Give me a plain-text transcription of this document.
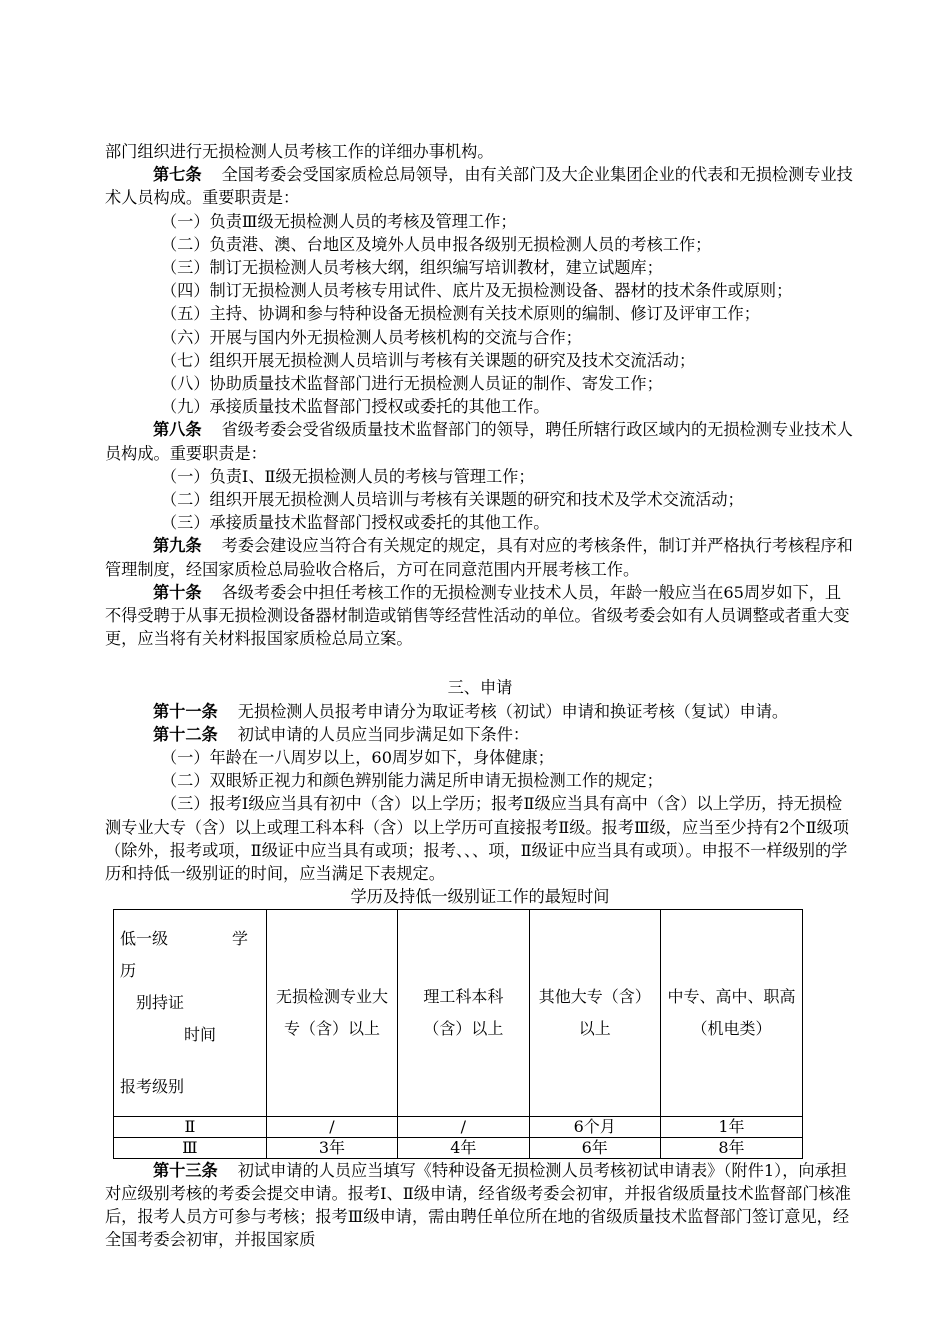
部门组织进行无损检测人员考核工作的详细办事机构。

第七条 全国考委会受国家质检总局领导，由有关部门及大企业集团企业的代表和无损检测专业技术人员构成。重要职责是：

（一）负责Ⅲ级无损检测人员的考核及管理工作；

（二）负责港、澳、台地区及境外人员申报各级别无损检测人员的考核工作；

（三）制订无损检测人员考核大纲，组织编写培训教材，建立试题库；

（四）制订无损检测人员考核专用试件、底片及无损检测设备、器材的技术条件或原则；

（五）主持、协调和参与特种设备无损检测有关技术原则的编制、修订及评审工作；

（六）开展与国内外无损检测人员考核机构的交流与合作；

（七）组织开展无损检测人员培训与考核有关课题的研究及技术交流活动；

（八）协助质量技术监督部门进行无损检测人员证的制作、寄发工作；

（九）承接质量技术监督部门授权或委托的其他工作。

第八条 省级考委会受省级质量技术监督部门的领导，聘任所辖行政区域内的无损检测专业技术人员构成。重要职责是：

（一）负责Ⅰ、Ⅱ级无损检测人员的考核与管理工作；

（二）组织开展无损检测人员培训与考核有关课题的研究和技术及学术交流活动；

（三）承接质量技术监督部门授权或委托的其他工作。

第九条 考委会建设应当符合有关规定的规定，具有对应的考核条件，制订并严格执行考核程序和管理制度，经国家质检总局验收合格后，方可在同意范围内开展考核工作。

第十条 各级考委会中担任考核工作的无损检测专业技术人员，年龄一般应当在65周岁如下，且不得受聘于从事无损检测设备器材制造或销售等经营性活动的单位。省级考委会如有人员调整或者重大变更，应当将有关材料报国家质检总局立案。

三、申请

第十一条 无损检测人员报考申请分为取证考核（初试）申请和换证考核（复试）申请。

第十二条 初试申请的人员应当同步满足如下条件：

（一）年龄在一八周岁以上，60周岁如下，身体健康；

（二）双眼矫正视力和颜色辨别能力满足所申请无损检测工作的规定；

（三）报考Ⅰ级应当具有初中（含）以上学历；报考Ⅱ级应当具有高中（含）以上学历，持无损检测专业大专（含）以上或理工科本科（含）以上学历可直接报考Ⅱ级。报考Ⅲ级，应当至少持有2个Ⅱ级项（除外，报考或项，Ⅱ级证中应当具有或项；报考、、、项，Ⅱ级证中应当具有或项）。申报不一样级别的学历和持低一级别证的时间，应当满足下表规定。

学历及持低一级别证工作的最短时间

低一级　　　　学
历
　别持证
　　　　时间
报考级别	无损检测专业大专（含）以上	理工科本科（含）以上	其他大专（含）以上	中专、高中、职高（机电类）
Ⅱ	/	/	6个月	1年
Ⅲ	3年	4年	6年	8年

第十三条 初试申请的人员应当填写《特种设备无损检测人员考核初试申请表》（附件1），向承担对应级别考核的考委会提交申请。报考Ⅰ、Ⅱ级申请，经省级考委会初审，并报省级质量技术监督部门核准后，报考人员方可参与考核；报考Ⅲ级申请，需由聘任单位所在地的省级质量技术监督部门签订意见，经全国考委会初审，并报国家质
